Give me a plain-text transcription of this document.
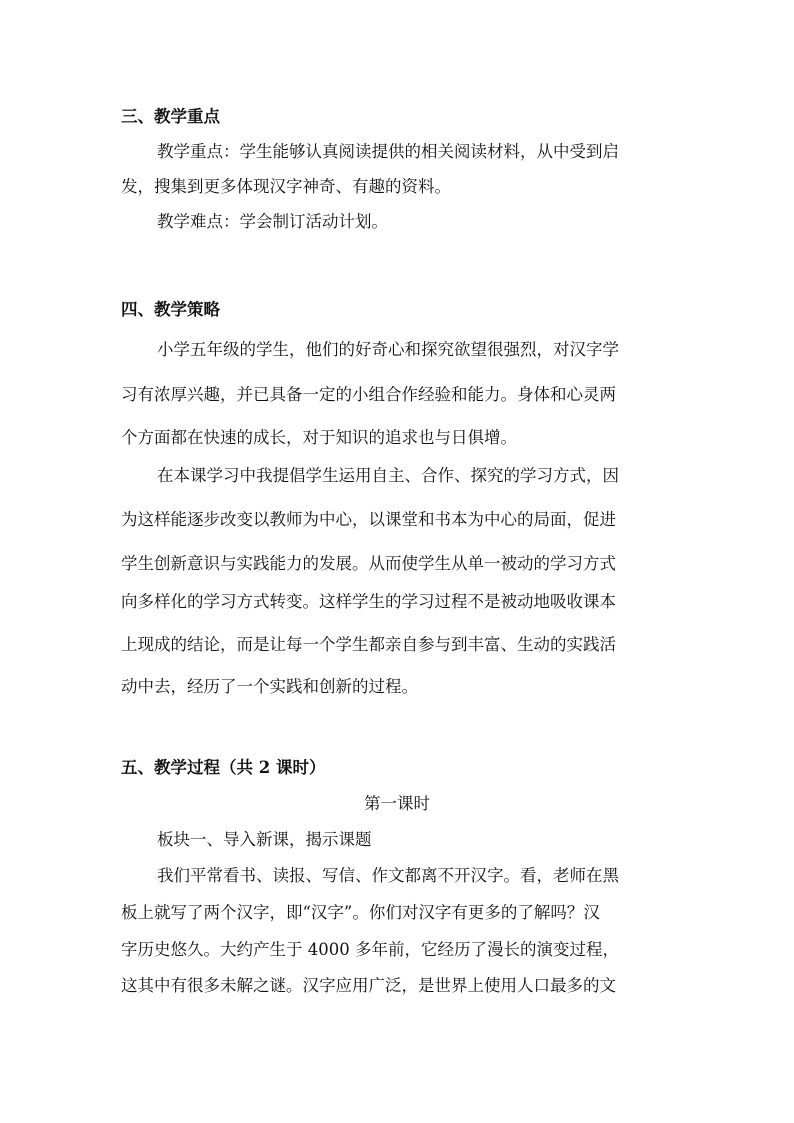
三、教学重点
教学重点：学生能够认真阅读提供的相关阅读材料，从中受到启
发，搜集到更多体现汉字神奇、有趣的资料。
教学难点：学会制订活动计划。
四、教学策略
小学五年级的学生，他们的好奇心和探究欲望很强烈，对汉字学
习有浓厚兴趣，并已具备一定的小组合作经验和能力。身体和心灵两
个方面都在快速的成长，对于知识的追求也与日俱增。
在本课学习中我提倡学生运用自主、合作、探究的学习方式，因
为这样能逐步改变以教师为中心，以课堂和书本为中心的局面，促进
学生创新意识与实践能力的发展。从而使学生从单一被动的学习方式
向多样化的学习方式转变。这样学生的学习过程不是被动地吸收课本
上现成的结论，而是让每一个学生都亲自参与到丰富、生动的实践活
动中去，经历了一个实践和创新的过程。
五、教学过程（共 2 课时）
第一课时
板块一、导入新课，揭示课题
我们平常看书、读报、写信、作文都离不开汉字。看，老师在黑
板上就写了两个汉字，即“汉字”。你们对汉字有更多的了解吗？汉
字历史悠久。大约产生于 4000 多年前，它经历了漫长的演变过程，
这其中有很多未解之谜。汉字应用广泛，是世界上使用人口最多的文
